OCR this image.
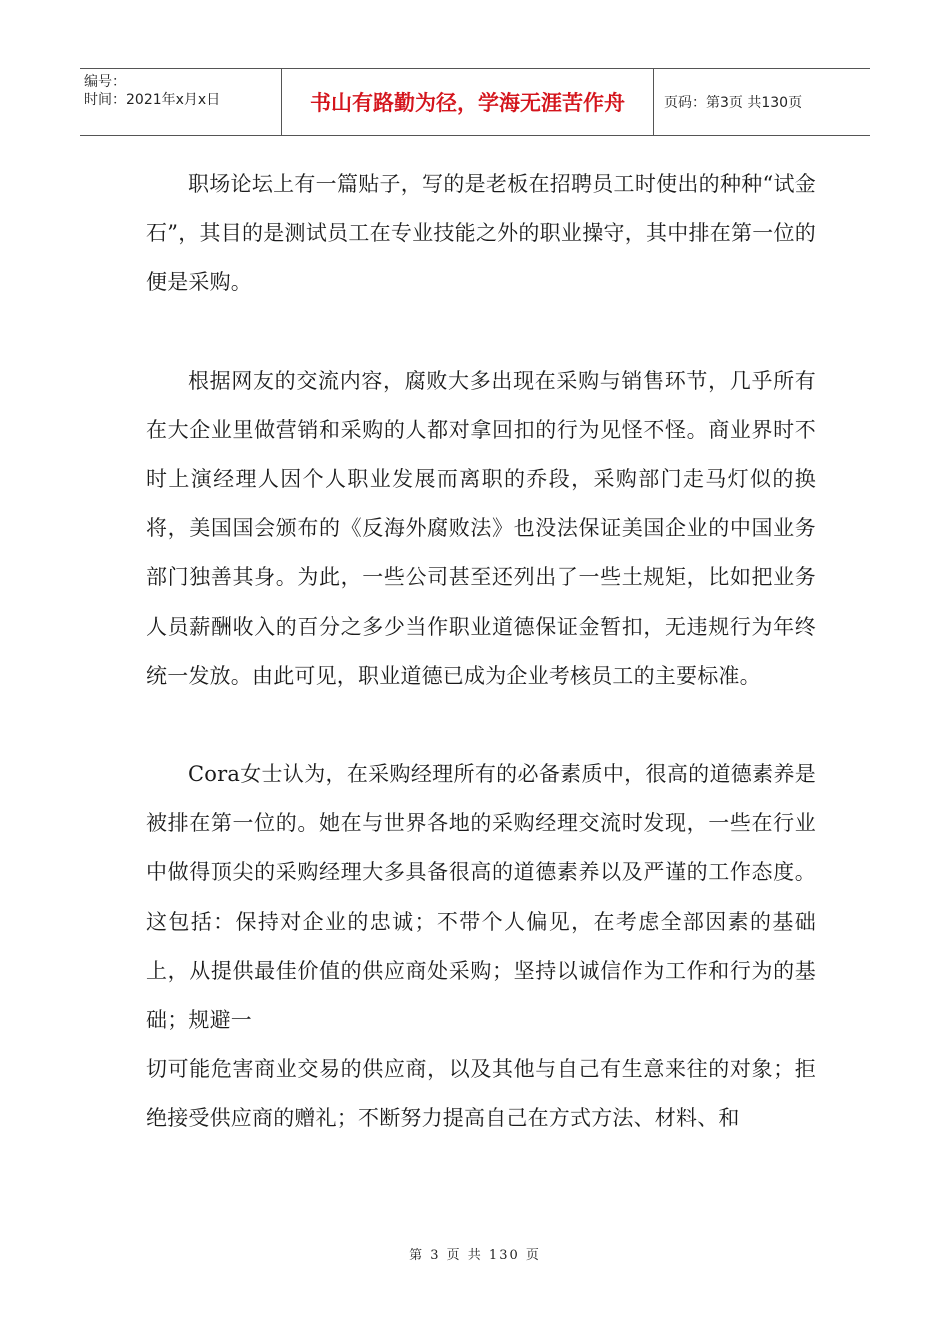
编号：
时间：2021年x月x日	书山有路勤为径，学海无涯苦作舟	页码：第3页 共130页

职场论坛上有一篇贴子，写的是老板在招聘员工时使出的种种“试金石”，其目的是测试员工在专业技能之外的职业操守，其中排在第一位的便是采购。

根据网友的交流内容，腐败大多出现在采购与销售环节，几乎所有在大企业里做营销和采购的人都对拿回扣的行为见怪不怪。商业界时不时上演经理人因个人职业发展而离职的乔段，采购部门走马灯似的换将，美国国会颁布的《反海外腐败法》也没法保证美国企业的中国业务部门独善其身。为此，一些公司甚至还列出了一些土规矩，比如把业务人员薪酬收入的百分之多少当作职业道德保证金暂扣，无违规行为年终统一发放。由此可见，职业道德已成为企业考核员工的主要标准。

Cora女士认为，在采购经理所有的必备素质中，很高的道德素养是被排在第一位的。她在与世界各地的采购经理交流时发现，一些在行业中做得顶尖的采购经理大多具备很高的道德素养以及严谨的工作态度。这包括：保持对企业的忠诚；不带个人偏见，在考虑全部因素的基础上，从提供最佳价值的供应商处采购；坚持以诚信作为工作和行为的基础；规避一

切可能危害商业交易的供应商，以及其他与自己有生意来往的对象；拒绝接受供应商的赠礼；不断努力提高自己在方式方法、材料、和

第 3 页 共 130 页
